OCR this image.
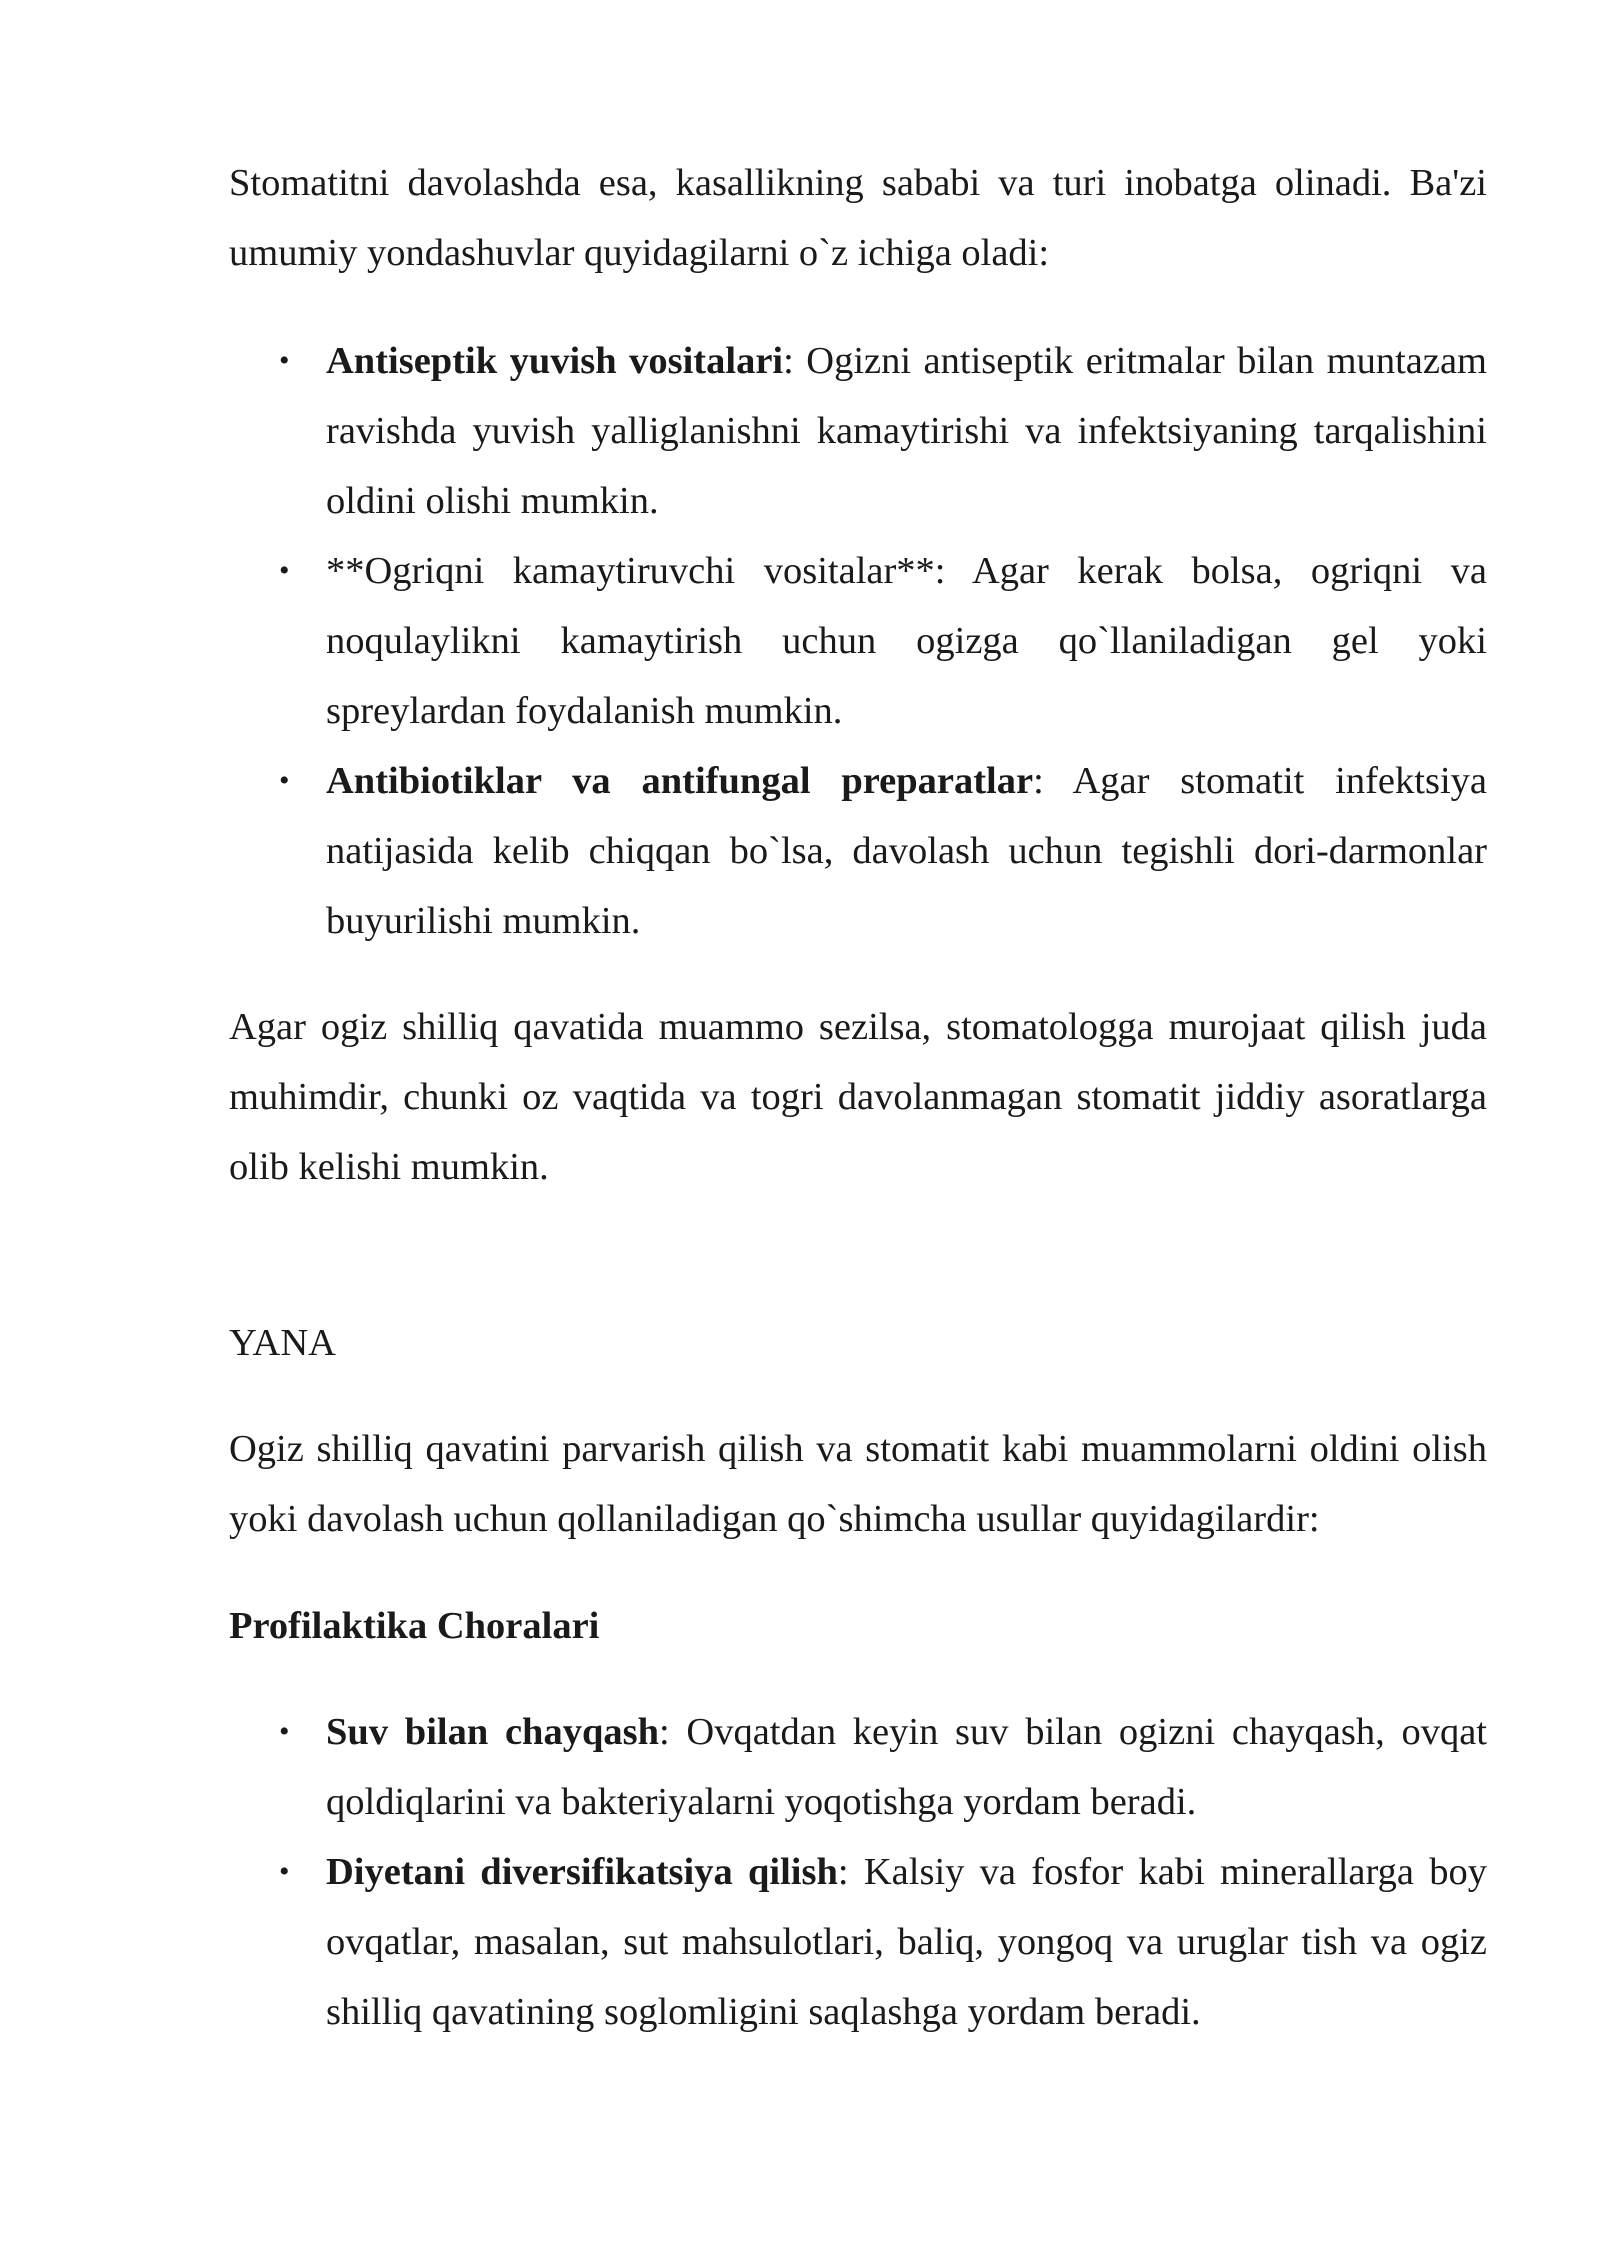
Stomatitni davolashda esa, kasallikning sababi va turi inobatga olinadi. Ba'zi umumiy yondashuvlar quyidagilarni o`z ichiga oladi:

• Antiseptik yuvish vositalari: Ogizni antiseptik eritmalar bilan muntazam ravishda yuvish yalliglanishni kamaytirishi va infektsiyaning tarqalishini oldini olishi mumkin.
• **Ogriqni kamaytiruvchi vositalar**: Agar kerak bolsa, ogriqni va noqulaylikni kamaytirish uchun ogizga qo`llaniladigan gel yoki spreylardan foydalanish mumkin.
• Antibiotiklar va antifungal preparatlar: Agar stomatit infektsiya natijasida kelib chiqqan bo`lsa, davolash uchun tegishli dori-darmonlar buyurilishi mumkin.

Agar ogiz shilliq qavatida muammo sezilsa, stomatologga murojaat qilish juda muhimdir, chunki oz vaqtida va togri davolanmagan stomatit jiddiy asoratlarga olib kelishi mumkin.

YANA

Ogiz shilliq qavatini parvarish qilish va stomatit kabi muammolarni oldini olish yoki davolash uchun qollaniladigan qo`shimcha usullar quyidagilardir:

Profilaktika Choralari

• Suv bilan chayqash: Ovqatdan keyin suv bilan ogizni chayqash, ovqat qoldiqlarini va bakteriyalarni yoqotishga yordam beradi.
• Diyetani diversifikatsiya qilish: Kalsiy va fosfor kabi minerallarga boy ovqatlar, masalan, sut mahsulotlari, baliq, yongoq va uruglar tish va ogiz shilliq qavatining soglomligini saqlashga yordam beradi.
